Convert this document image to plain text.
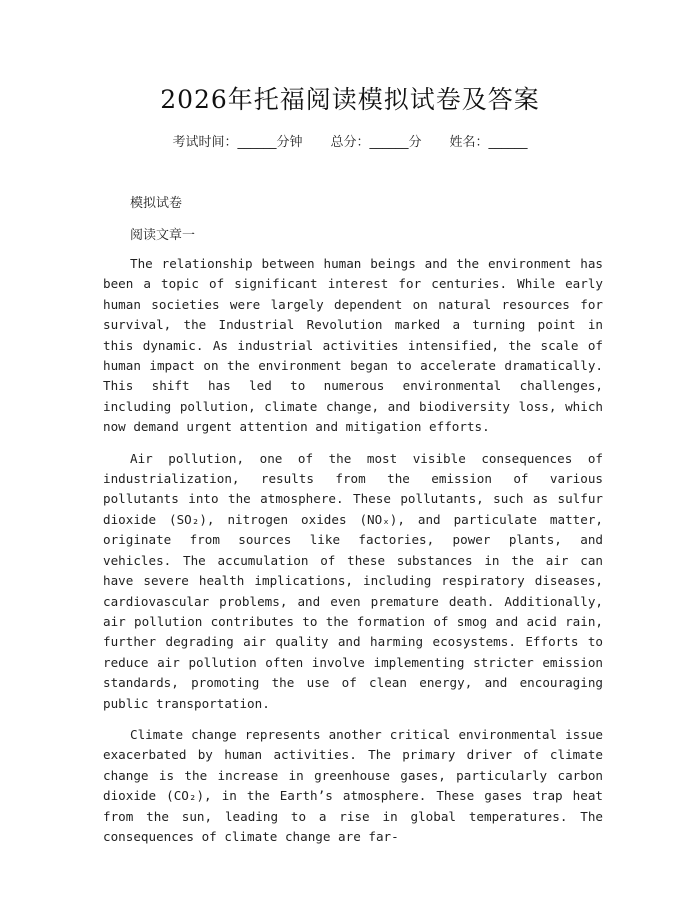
2026年托福阅读模拟试卷及答案
考试时间：______分钟 总分：______分 姓名：______
模拟试卷
阅读文章一

The relationship between human beings and the environment has been a topic of significant interest for centuries. While early human societies were largely dependent on natural resources for survival, the Industrial Revolution marked a turning point in this dynamic. As industrial activities intensified, the scale of human impact on the environment began to accelerate dramatically. This shift has led to numerous environmental challenges, including pollution, climate change, and biodiversity loss, which now demand urgent attention and mitigation efforts.

Air pollution, one of the most visible consequences of industrialization, results from the emission of various pollutants into the atmosphere. These pollutants, such as sulfur dioxide (SO₂), nitrogen oxides (NOₓ), and particulate matter, originate from sources like factories, power plants, and vehicles. The accumulation of these substances in the air can have severe health implications, including respiratory diseases, cardiovascular problems, and even premature death. Additionally, air pollution contributes to the formation of smog and acid rain, further degrading air quality and harming ecosystems. Efforts to reduce air pollution often involve implementing stricter emission standards, promoting the use of clean energy, and encouraging public transportation.

Climate change represents another critical environmental issue exacerbated by human activities. The primary driver of climate change is the increase in greenhouse gases, particularly carbon dioxide (CO₂), in the Earth’s atmosphere. These gases trap heat from the sun, leading to a rise in global temperatures. The consequences of climate change are far-
